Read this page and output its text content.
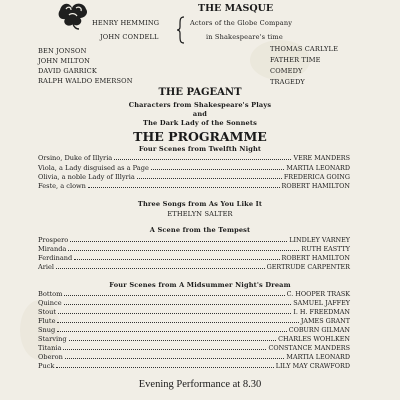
THE MASQUE
HENRY HEMMING
JOHN CONDELL
Actors of the Globe Company
in Shakespeare's time
BEN JONSON
JOHN MILTON
DAVID GARRICK
RALPH WALDO EMERSON
THOMAS CARLYLE
FATHER TIME
COMEDY
TRAGEDY
THE PAGEANT
Characters from Shakespeare's Plays
and
The Dark Lady of the Sonnets
THE PROGRAMME
Four Scenes from Twelfth Night
Orsino, Duke of Illyria	VERE MANDERS
Viola, a Lady disguised as a Page	MARTIA LEONARD
Olivia, a noble Lady of Illyria	FREDERICA GOING
Feste, a clown	ROBERT HAMILTON
Three Songs from As You Like It
ETHELYN SALTER
A Scene from the Tempest
Prospero	LINDLEY VARNEY
Miranda	RUTH EASTTY
Ferdinand	ROBERT HAMILTON
Ariel	GERTRUDE CARPENTER
Four Scenes from A Midsummer Night's Dream
Bottom	C. HOOPER TRASK
Quince	SAMUEL JAFFEY
Stout	I. H. FREEDMAN
Flute	JAMES GRANT
Snug	COBURN GILMAN
Starving	CHARLES WOHLKEN
Titania	CONSTANCE MANDERS
Oberon	MARTIA LEONARD
Puck	LILY MAY CRAWFORD
Evening Performance at 8.30
